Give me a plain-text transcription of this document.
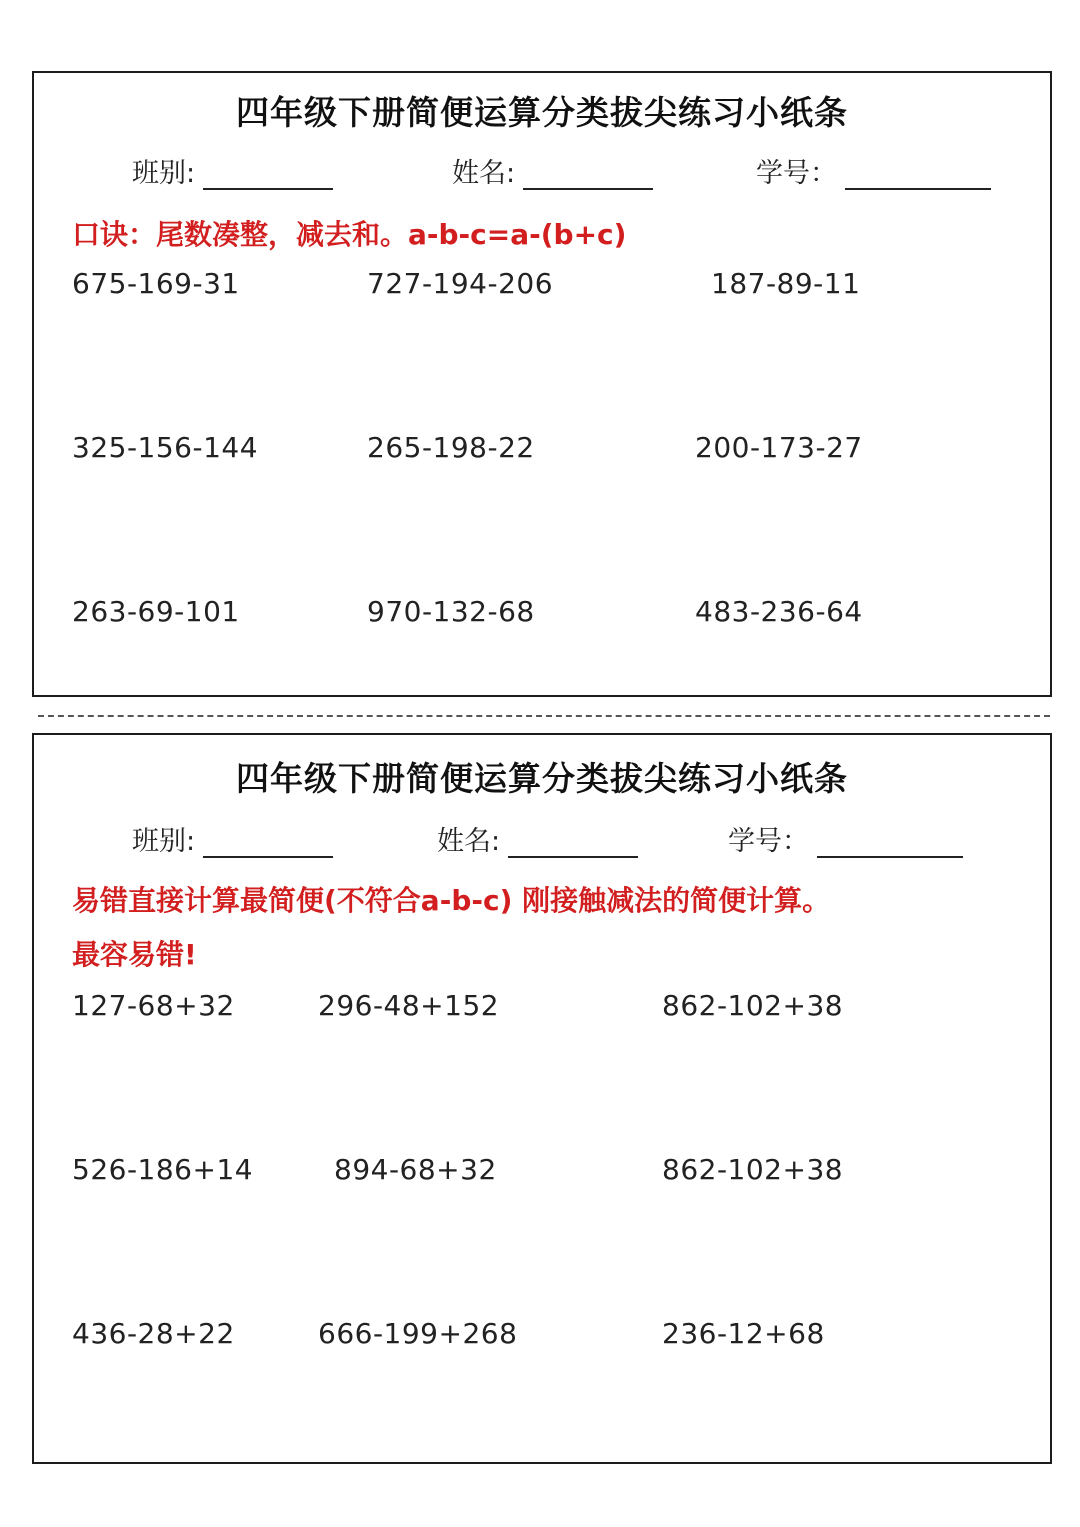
四年级下册简便运算分类拔尖练习小纸条
班别:	姓名:	学号：
口诀：尾数凑整，减去和。a-b-c=a-(b+c)
675-169-31	727-194-206	187-89-11
325-156-144	265-198-22	200-173-27
263-69-101	970-132-68	483-236-64
四年级下册简便运算分类拔尖练习小纸条
班别:	姓名:	学号：
易错直接计算最简便(不符合a-b-c) 刚接触减法的简便计算。
最容易错!
127-68+32	296-48+152	862-102+38
526-186+14	894-68+32	862-102+38
436-28+22	666-199+268	236-12+68
